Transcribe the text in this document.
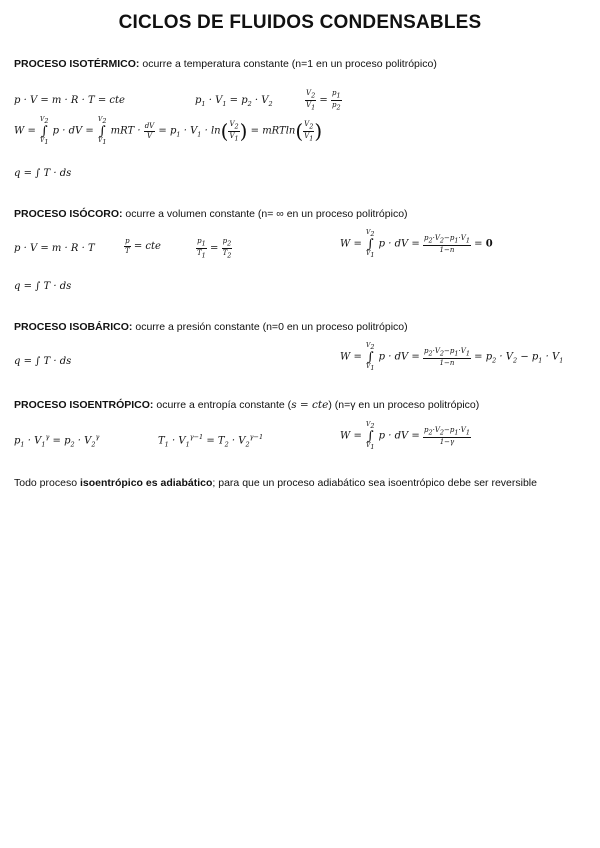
CICLOS DE FLUIDOS CONDENSABLES
PROCESO ISOTÉRMICO: ocurre a temperatura constante (n=1 en un proceso politrópico)
p · V = m · R · T = cte	$p_1 \cdot V_1 = p_2 \cdot V_2$	$\frac{V_2}{V_1} = \frac{p_1}{p_2}$
W =
$V_2$
∫
$V_1$
p · dV =
$V_2$
∫
$V_1$
mRT · $\frac{dV}{V} = p_1 \cdot V_1 \cdot \ln( \frac{V_2}{V_1}$ ) = $mRTln( \frac{V_2}{V_1}$ )
q = ∫ T · ds
PROCESO ISÓCORO: ocurre a volumen constante (n= ∞ en un proceso politrópico)
p · V = m · R · T	$\frac{p}{T}$ = cte	$\frac{p_1}{T_1} = \frac{p_2}{T_2}$	W =
$V_2$
∫
$V_1$
p · dV = $\frac{p_2\cdot V_2-p_1\cdot V_1}{1-n} = 0$
q = ∫ T · ds
PROCESO ISOBÁRICO: ocurre a presión constante (n=0 en un proceso politrópico)
q = ∫ T · ds	W =
$V_2$
∫
$V_1$
p · dV = $\frac{p_2\cdot V_2-p_1\cdot V_1}{1-n} = p_2 \cdot V_2 - p_1 \cdot V_1$
PROCESO ISOENTRÓPICO: ocurre a entropía constante (s = cte) (n=γ en un proceso politrópico)
$p_1 \cdot V_1^\gamma = p_2 \cdot V_2^\gamma$	$T_1 \cdot V_1^{\gamma-1} = T_2 \cdot V_2^{\gamma-1}$	W =
$V_2$
∫
$V_1$
p · dV = $\frac{p_2\cdot V_2-p_1\cdot V_1}{1-\gamma}$
Todo proceso isoentrópico es adiabático; para que un proceso adiabático sea isoentrópico debe ser reversible
